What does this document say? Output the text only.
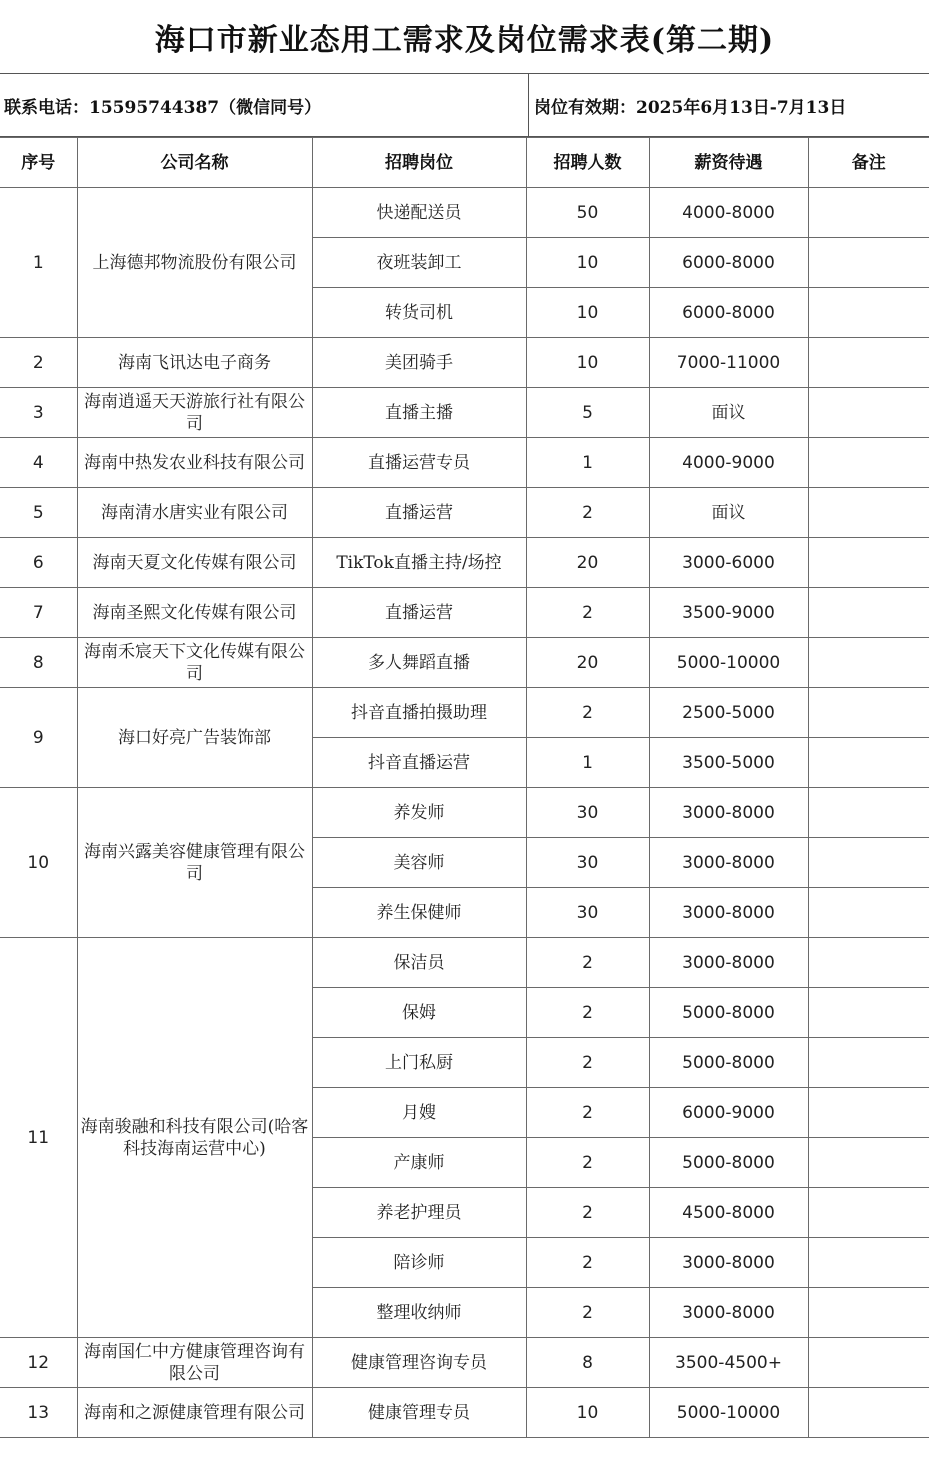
海口市新业态用工需求及岗位需求表(第二期)
联系电话：15595744387（微信同号）	岗位有效期：2025年6月13日-7月13日
序号	公司名称	招聘岗位	招聘人数	薪资待遇	备注
1	上海德邦物流股份有限公司	快递配送员	50	4000-8000	
		夜班装卸工	10	6000-8000	
		转货司机	10	6000-8000	
2	海南飞讯达电子商务	美团骑手	10	7000-11000	
3	海南逍遥天天游旅行社有限公司	直播主播	5	面议	
4	海南中热发农业科技有限公司	直播运营专员	1	4000-9000	
5	海南清水唐实业有限公司	直播运营	2	面议	
6	海南天夏文化传媒有限公司	TikTok直播主持/场控	20	3000-6000	
7	海南圣熙文化传媒有限公司	直播运营	2	3500-9000	
8	海南禾宸天下文化传媒有限公司	多人舞蹈直播	20	5000-10000	
9	海口好亮广告装饰部	抖音直播拍摄助理	2	2500-5000	
		抖音直播运营	1	3500-5000	
10	海南兴露美容健康管理有限公司	养发师	30	3000-8000	
		美容师	30	3000-8000	
		养生保健师	30	3000-8000	
11	海南骏融和科技有限公司(哈客科技海南运营中心)	保洁员	2	3000-8000	
		保姆	2	5000-8000	
		上门私厨	2	5000-8000	
		月嫂	2	6000-9000	
		产康师	2	5000-8000	
		养老护理员	2	4500-8000	
		陪诊师	2	3000-8000	
		整理收纳师	2	3000-8000	
12	海南国仁中方健康管理咨询有限公司	健康管理咨询专员	8	3500-4500+	
13	海南和之源健康管理有限公司	健康管理专员	10	5000-10000	
